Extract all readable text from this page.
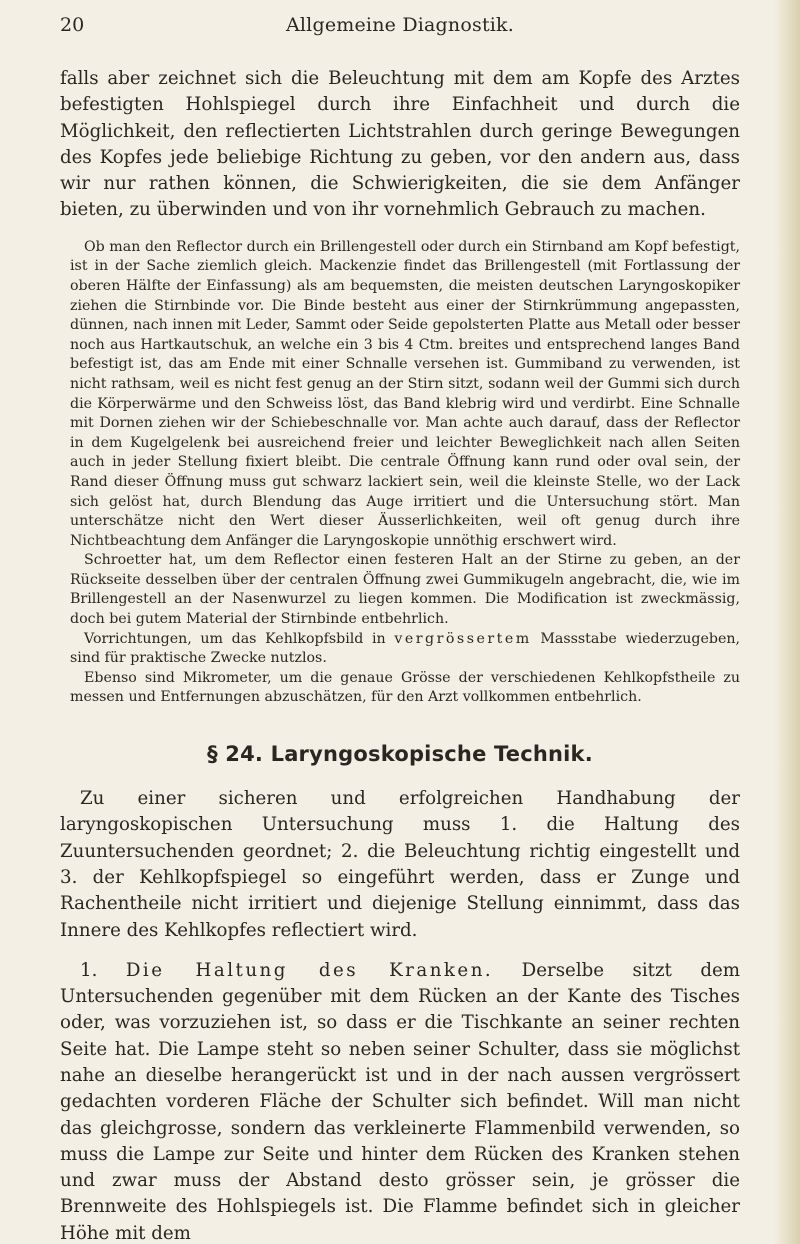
20	Allgemeine Diagnostik.

falls aber zeichnet sich die Beleuchtung mit dem am Kopfe des Arztes befestigten Hohlspiegel durch ihre Einfachheit und durch die Möglichkeit, den reflectierten Lichtstrahlen durch geringe Bewegungen des Kopfes jede beliebige Richtung zu geben, vor den andern aus, dass wir nur rathen können, die Schwierigkeiten, die sie dem Anfänger bieten, zu überwinden und von ihr vornehmlich Gebrauch zu machen.

Ob man den Reflector durch ein Brillengestell oder durch ein Stirnband am Kopf befestigt, ist in der Sache ziemlich gleich. Mackenzie findet das Brillengestell (mit Fortlassung der oberen Hälfte der Einfassung) als am bequemsten, die meisten deutschen Laryngoskopiker ziehen die Stirnbinde vor. Die Binde besteht aus einer der Stirnkrümmung angepassten, dünnen, nach innen mit Leder, Sammt oder Seide gepolsterten Platte aus Metall oder besser noch aus Hartkautschuk, an welche ein 3 bis 4 Ctm. breites und entsprechend langes Band befestigt ist, das am Ende mit einer Schnalle versehen ist. Gummiband zu verwenden, ist nicht rathsam, weil es nicht fest genug an der Stirn sitzt, sodann weil der Gummi sich durch die Körperwärme und den Schweiss löst, das Band klebrig wird und verdirbt. Eine Schnalle mit Dornen ziehen wir der Schiebeschnalle vor. Man achte auch darauf, dass der Reflector in dem Kugelgelenk bei ausreichend freier und leichter Beweglichkeit nach allen Seiten auch in jeder Stellung fixiert bleibt. Die centrale Öffnung kann rund oder oval sein, der Rand dieser Öffnung muss gut schwarz lackiert sein, weil die kleinste Stelle, wo der Lack sich gelöst hat, durch Blendung das Auge irritiert und die Untersuchung stört. Man unterschätze nicht den Wert dieser Äusserlichkeiten, weil oft genug durch ihre Nichtbeachtung dem Anfänger die Laryngoskopie unnöthig erschwert wird.

Schroetter hat, um dem Reflector einen festeren Halt an der Stirne zu geben, an der Rückseite desselben über der centralen Öffnung zwei Gummikugeln angebracht, die, wie im Brillengestell an der Nasenwurzel zu liegen kommen. Die Modification ist zweckmässig, doch bei gutem Material der Stirnbinde entbehrlich.

Vorrichtungen, um das Kehlkopfsbild in vergrössertem Massstabe wiederzugeben, sind für praktische Zwecke nutzlos.

Ebenso sind Mikrometer, um die genaue Grösse der verschiedenen Kehlkopfstheile zu messen und Entfernungen abzuschätzen, für den Arzt vollkommen entbehrlich.

§ 24. Laryngoskopische Technik.

Zu einer sicheren und erfolgreichen Handhabung der laryngoskopischen Untersuchung muss 1. die Haltung des Zuuntersuchenden geordnet; 2. die Beleuchtung richtig eingestellt und 3. der Kehlkopfspiegel so eingeführt werden, dass er Zunge und Rachentheile nicht irritiert und diejenige Stellung einnimmt, dass das Innere des Kehlkopfes reflectiert wird.

1. Die Haltung des Kranken. Derselbe sitzt dem Untersuchenden gegenüber mit dem Rücken an der Kante des Tisches oder, was vorzuziehen ist, so dass er die Tischkante an seiner rechten Seite hat. Die Lampe steht so neben seiner Schulter, dass sie möglichst nahe an dieselbe herangerückt ist und in der nach aussen vergrössert gedachten vorderen Fläche der Schulter sich befindet. Will man nicht das gleichgrosse, sondern das verkleinerte Flammenbild verwenden, so muss die Lampe zur Seite und hinter dem Rücken des Kranken stehen und zwar muss der Abstand desto grösser sein, je grösser die Brennweite des Hohlspiegels ist. Die Flamme befindet sich in gleicher Höhe mit dem
